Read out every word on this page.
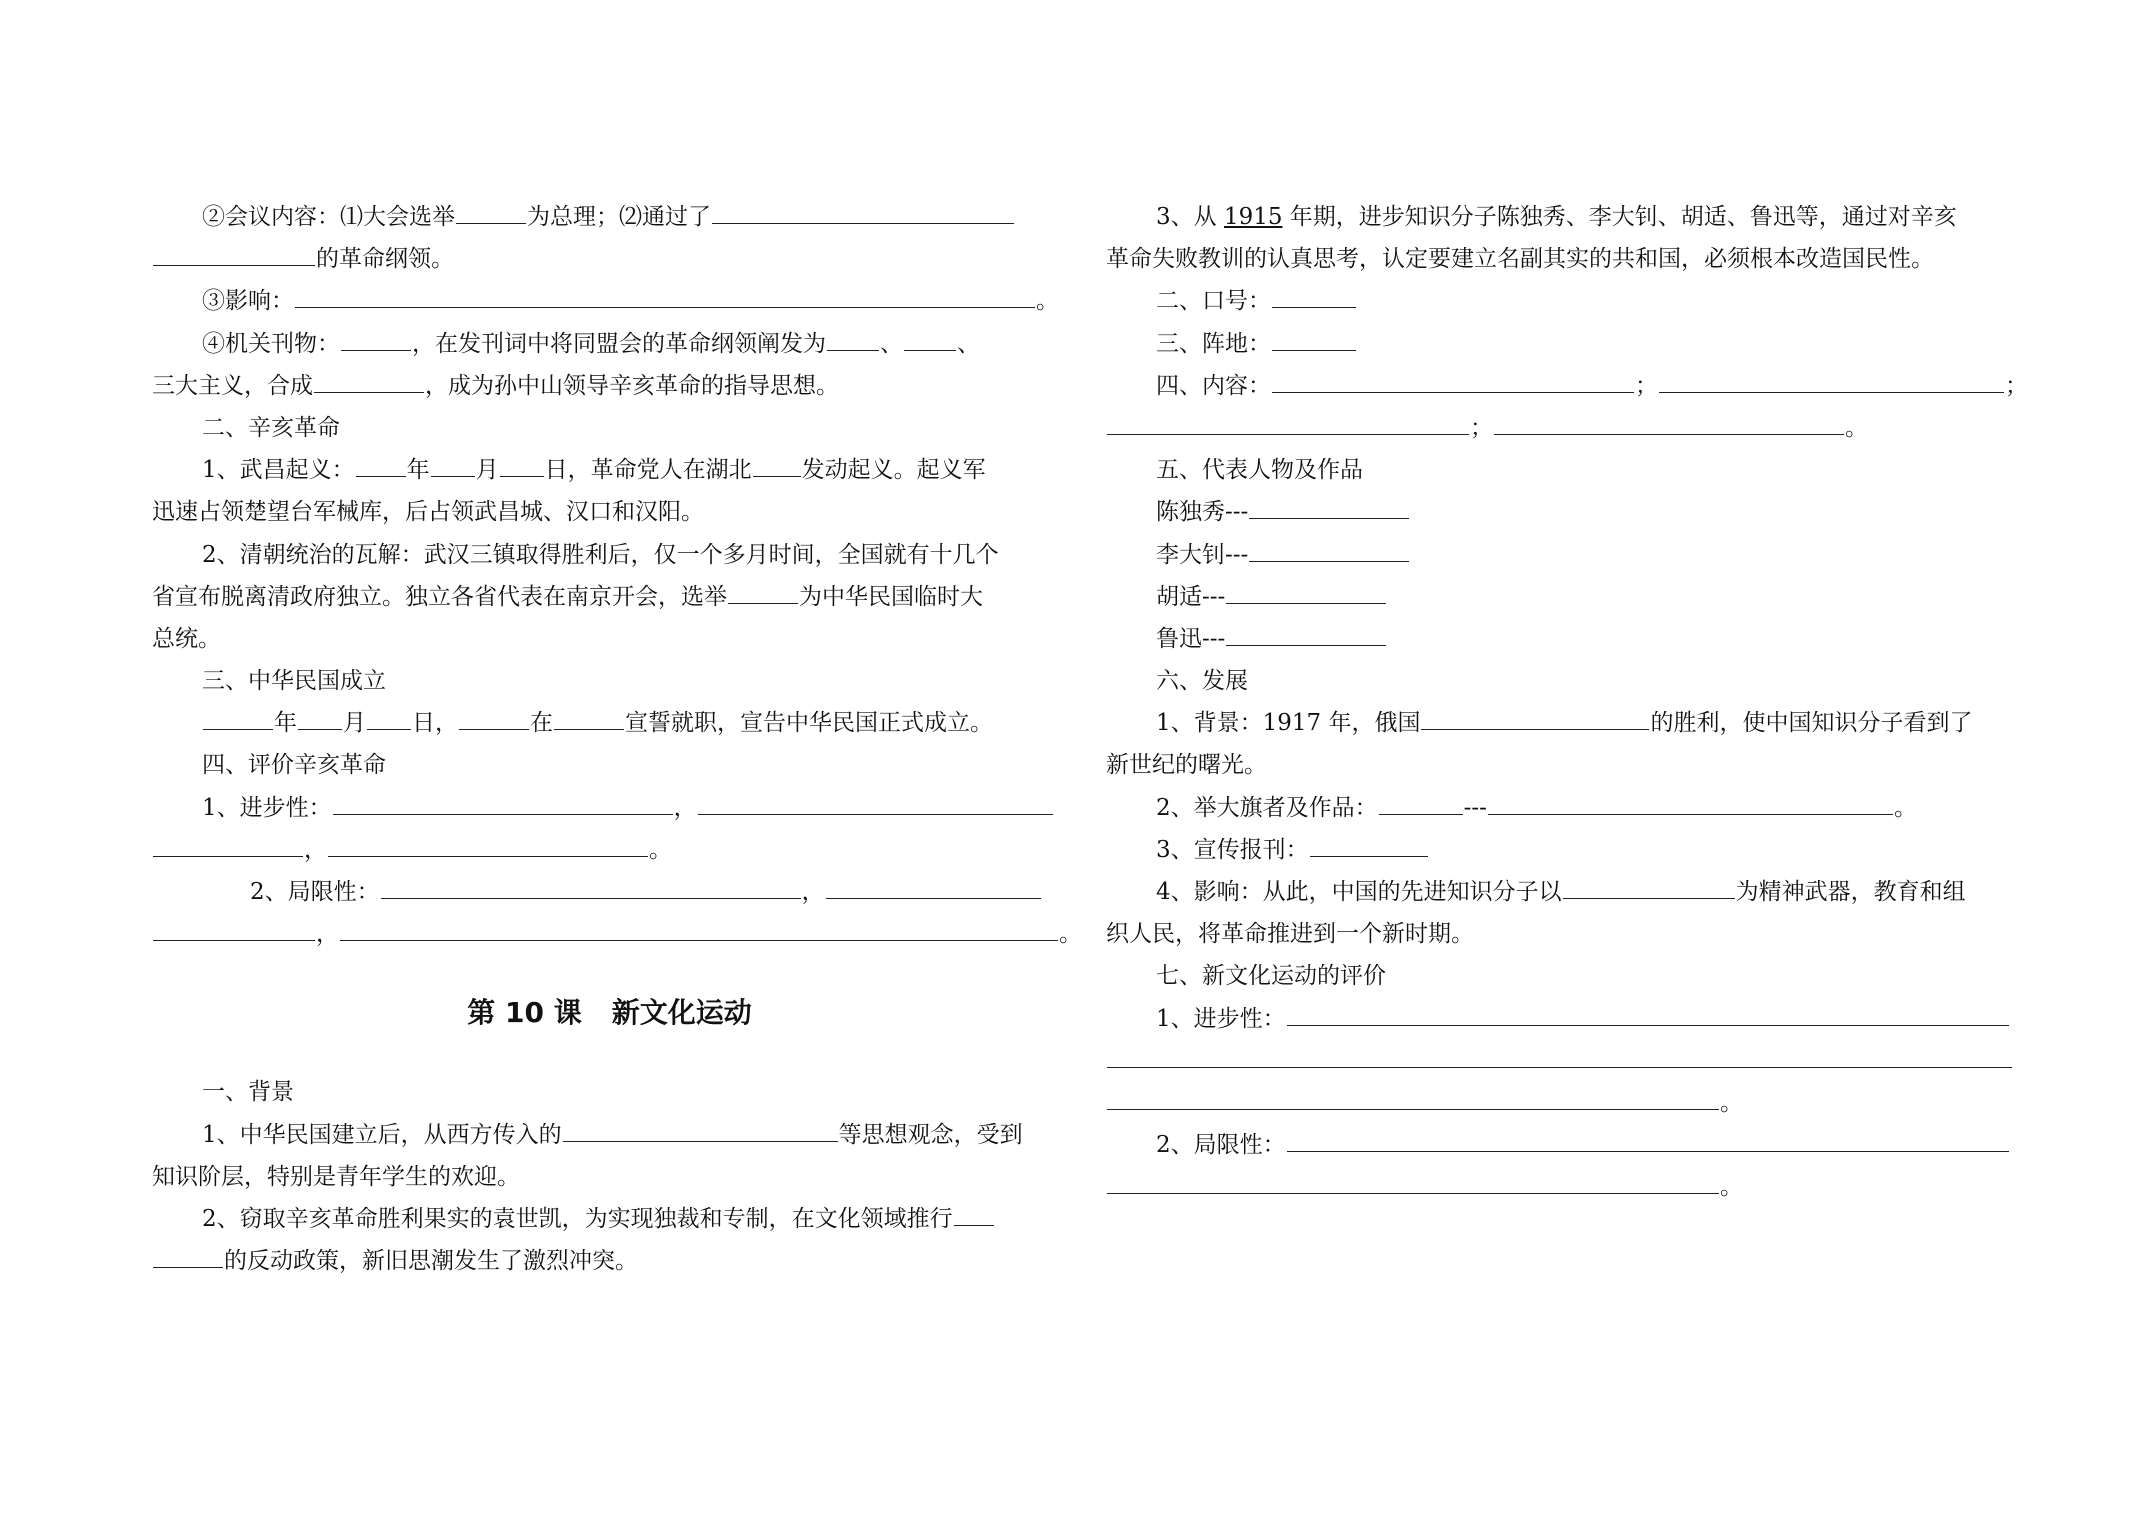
②会议内容：⑴大会选举	为总理；⑵通过了
的革命纲领。
③影响：	。
④机关刊物：	，在发刊词中将同盟会的革命纲领阐发为 、 、
三大主义，合成	，成为孙中山领导辛亥革命的指导思想。
二、辛亥革命
1、武昌起义： 年 月 日，革命党人在湖北 发动起义。起义军
迅速占领楚望台军械库，后占领武昌城、汉口和汉阳。
2、清朝统治的瓦解：武汉三镇取得胜利后，仅一个多月时间，全国就有十几个
省宣布脱离清政府独立。独立各省代表在南京开会，选举	为中华民国临时大
总统。
三、中华民国成立
年 月 日，	在	宣誓就职，宣告中华民国正式成立。
四、评价辛亥革命
1、进步性：	，
，	。
2、局限性：	，
，	。
第 10 课 新文化运动
一、背景
1、中华民国建立后，从西方传入的	等思想观念，受到
知识阶层，特别是青年学生的欢迎。
2、窃取辛亥革命胜利果实的袁世凯，为实现独裁和专制，在文化领域推行
的反动政策，新旧思潮发生了激烈冲突。
3、从 1915 年期，进步知识分子陈独秀、李大钊、胡适、鲁迅等，通过对辛亥
革命失败教训的认真思考，认定要建立名副其实的共和国，必须根本改造国民性。
二、口号：
三、阵地：
四、内容：	；	；
；	。
五、代表人物及作品
陈独秀---
李大钊---
胡适---
鲁迅---
六、发展
1、背景：1917 年，俄国	的胜利，使中国知识分子看到了
新世纪的曙光。
2、举大旗者及作品：	---	。
3、宣传报刊：
4、影响：从此，中国的先进知识分子以	为精神武器，教育和组
织人民，将革命推进到一个新时期。
七、新文化运动的评价
1、进步性：
。
2、局限性：
。
